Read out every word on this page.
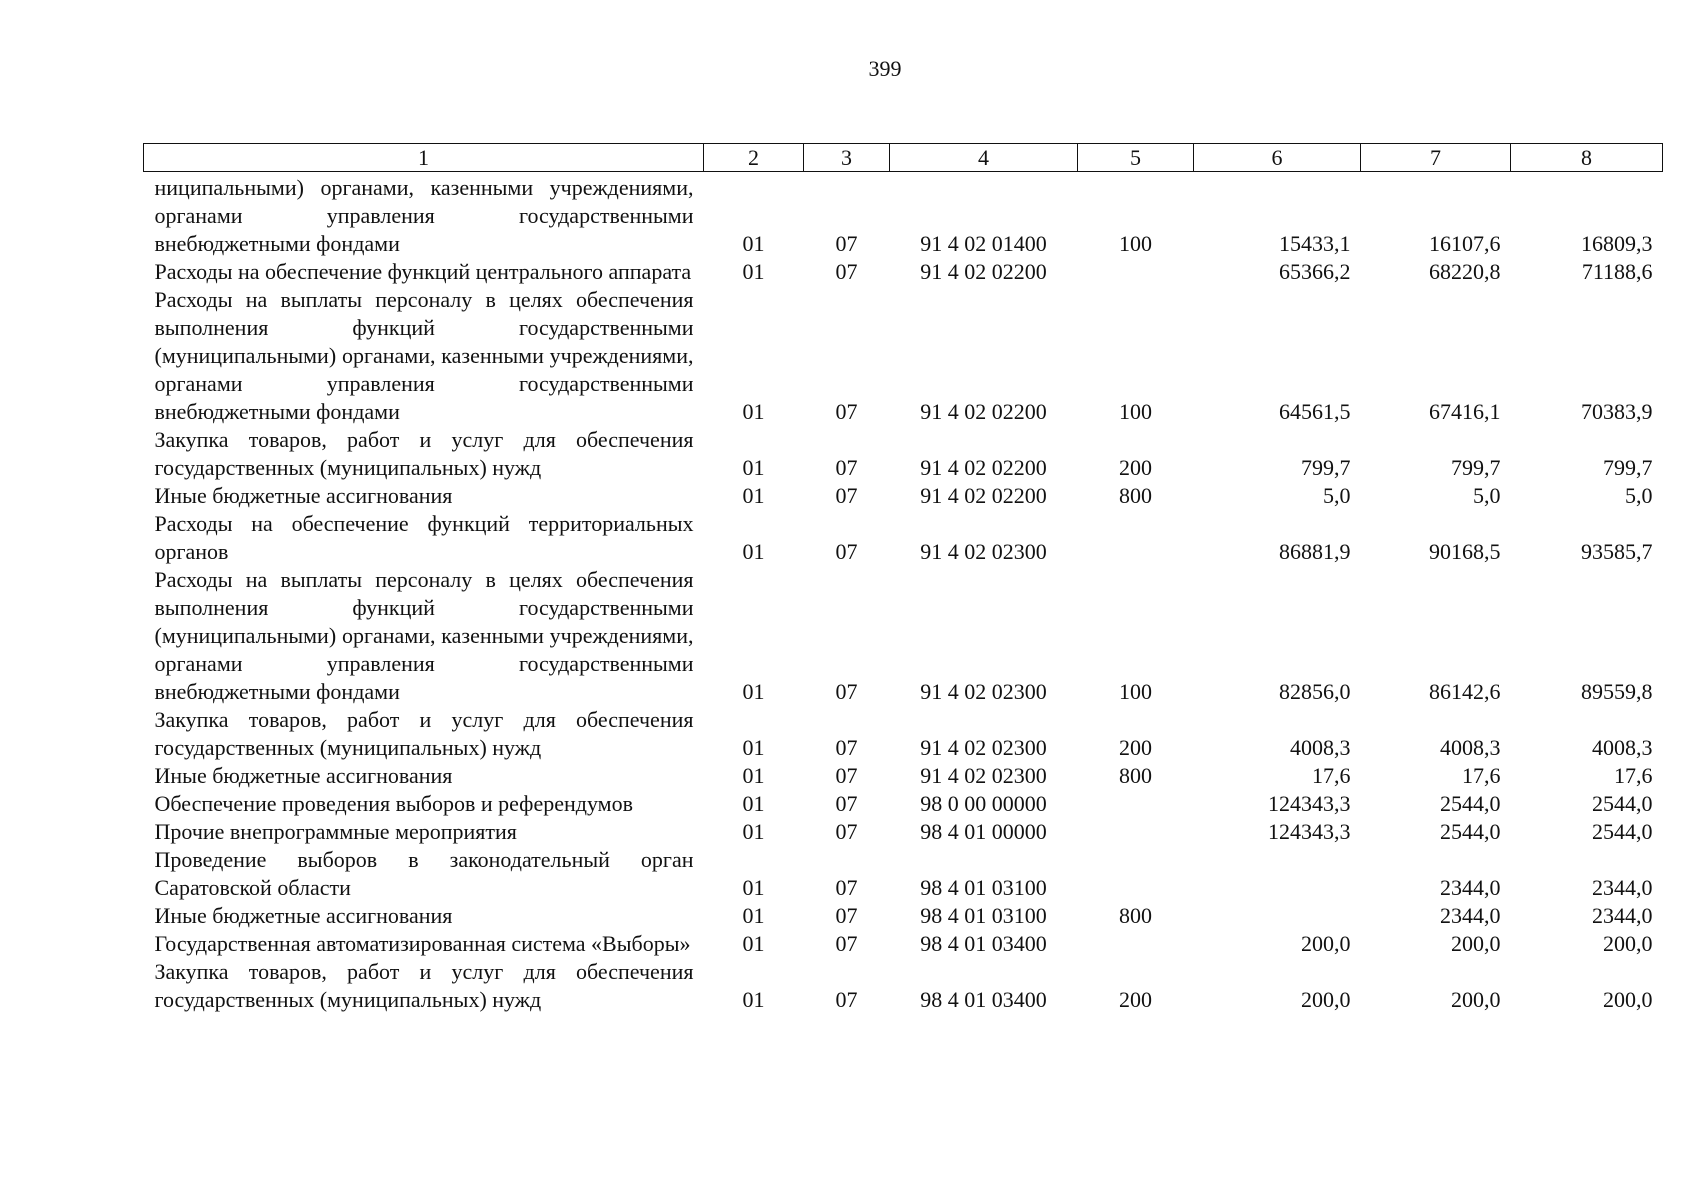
399
1	2	3	4	5	6	7	8
ниципальными) органами, казенными учреждениями, органами управления государственными внебюджетными фондами	01	07	91 4 02 01400	100	15433,1	16107,6	16809,3
Расходы на обеспечение функций центрального аппарата	01	07	91 4 02 02200		65366,2	68220,8	71188,6
Расходы на выплаты персоналу в целях обеспечения выполнения функций государственными (муниципальными) органами, казенными учреждениями, органами управления государственными внебюджетными фондами	01	07	91 4 02 02200	100	64561,5	67416,1	70383,9
Закупка товаров, работ и услуг для обеспечения государственных (муниципальных) нужд	01	07	91 4 02 02200	200	799,7	799,7	799,7
Иные бюджетные ассигнования	01	07	91 4 02 02200	800	5,0	5,0	5,0
Расходы на обеспечение функций территориальных органов	01	07	91 4 02 02300		86881,9	90168,5	93585,7
Расходы на выплаты персоналу в целях обеспечения выполнения функций государственными (муниципальными) органами, казенными учреждениями, органами управления государственными внебюджетными фондами	01	07	91 4 02 02300	100	82856,0	86142,6	89559,8
Закупка товаров, работ и услуг для обеспечения государственных (муниципальных) нужд	01	07	91 4 02 02300	200	4008,3	4008,3	4008,3
Иные бюджетные ассигнования	01	07	91 4 02 02300	800	17,6	17,6	17,6
Обеспечение проведения выборов и референдумов	01	07	98 0 00 00000		124343,3	2544,0	2544,0
Прочие внепрограммные мероприятия	01	07	98 4 01 00000		124343,3	2544,0	2544,0
Проведение выборов в законодательный орган Саратовской области	01	07	98 4 01 03100			2344,0	2344,0
Иные бюджетные ассигнования	01	07	98 4 01 03100	800		2344,0	2344,0
Государственная автоматизированная система «Выборы»	01	07	98 4 01 03400		200,0	200,0	200,0
Закупка товаров, работ и услуг для обеспечения государственных (муниципальных) нужд	01	07	98 4 01 03400	200	200,0	200,0	200,0
